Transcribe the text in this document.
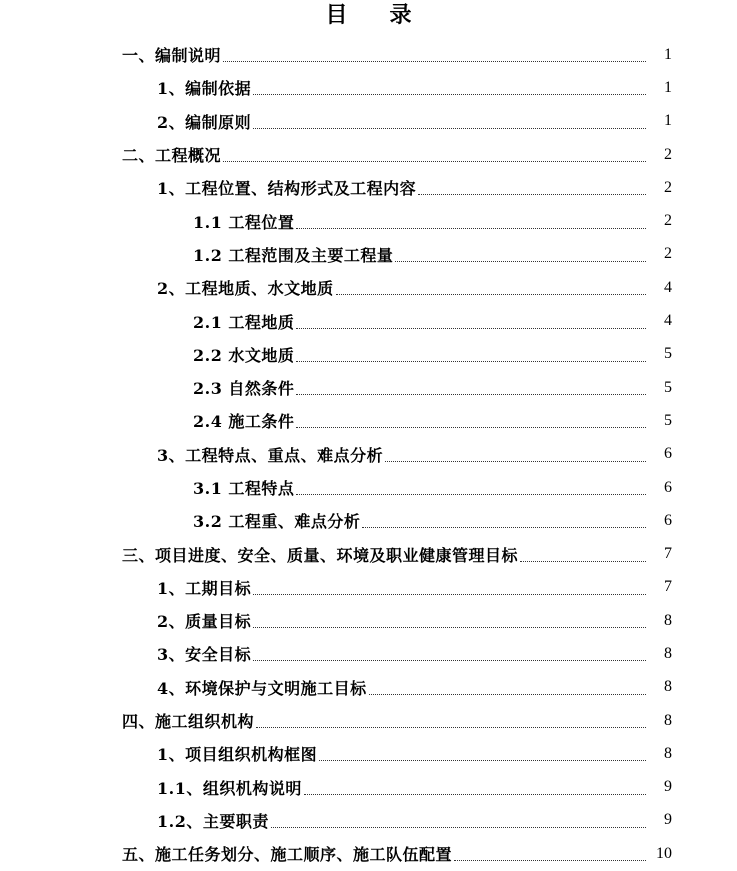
目 录
一、编制说明	1
1、编制依据	1
2、编制原则	1
二、工程概况	2
1、工程位置、结构形式及工程内容	2
1.1 工程位置	2
1.2 工程范围及主要工程量	2
2、工程地质、水文地质	4
2.1 工程地质	4
2.2 水文地质	5
2.3 自然条件	5
2.4 施工条件	5
3、工程特点、重点、难点分析	6
3.1 工程特点	6
3.2 工程重、难点分析	6
三、项目进度、安全、质量、环境及职业健康管理目标	7
1、工期目标	7
2、质量目标	8
3、安全目标	8
4、环境保护与文明施工目标	8
四、施工组织机构	8
1、项目组织机构框图	8
1.1、组织机构说明	9
1.2、主要职责	9
五、施工任务划分、施工顺序、施工队伍配置	10
